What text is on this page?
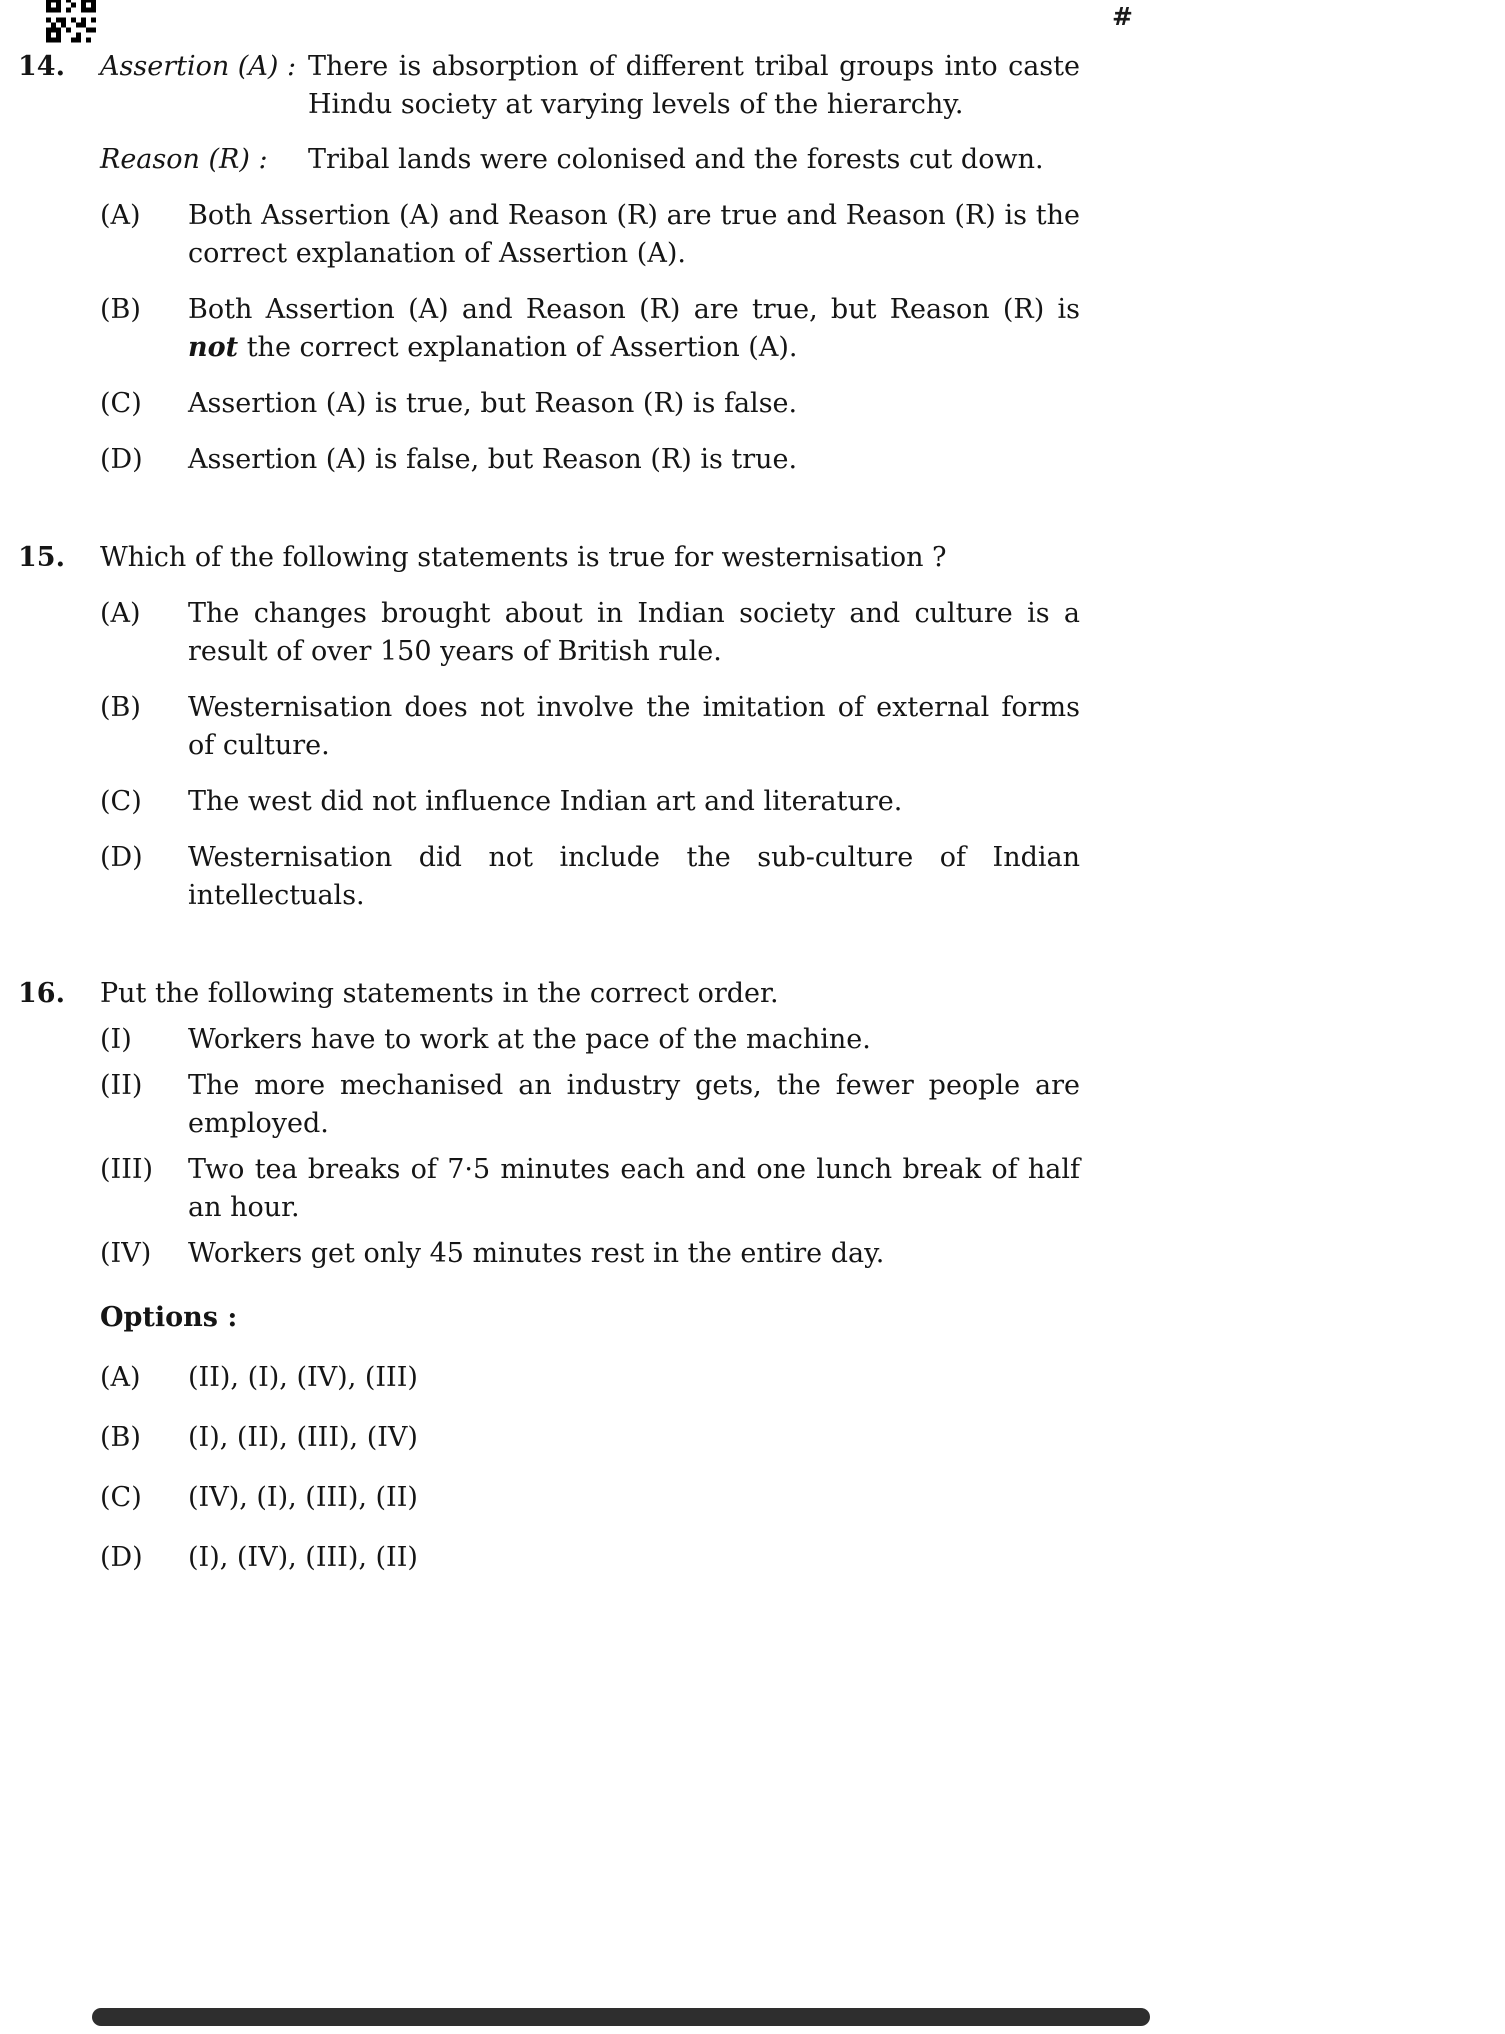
#
14.	Assertion (A) : There is absorption of different tribal groups into caste Hindu society at varying levels of the hierarchy.
Reason (R) :	Tribal lands were colonised and the forests cut down.
(A)	Both Assertion (A) and Reason (R) are true and Reason (R) is the correct explanation of Assertion (A).
(B)	Both Assertion (A) and Reason (R) are true, but Reason (R) is not the correct explanation of Assertion (A).
(C)	Assertion (A) is true, but Reason (R) is false.
(D)	Assertion (A) is false, but Reason (R) is true.
15.	Which of the following statements is true for westernisation ?
(A)	The changes brought about in Indian society and culture is a result of over 150 years of British rule.
(B)	Westernisation does not involve the imitation of external forms of culture.
(C)	The west did not influence Indian art and literature.
(D)	Westernisation did not include the sub-culture of Indian intellectuals.
16.	Put the following statements in the correct order.
(I)	Workers have to work at the pace of the machine.
(II)	The more mechanised an industry gets, the fewer people are employed.
(III)	Two tea breaks of 7·5 minutes each and one lunch break of half an hour.
(IV)	Workers get only 45 minutes rest in the entire day.
Options :
(A)	(II), (I), (IV), (III)
(B)	(I), (II), (III), (IV)
(C)	(IV), (I), (III), (II)
(D)	(I), (IV), (III), (II)
